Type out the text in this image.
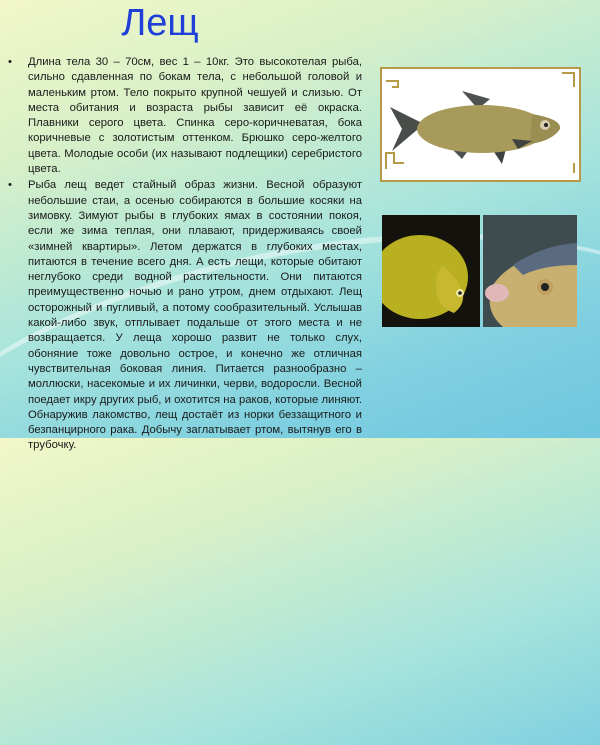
Лещ
•	Длина тела 30 – 70см, вес 1 – 10кг. Это высокотелая рыба, сильно сдавленная по бокам тела, с небольшой головой и маленьким ртом. Тело покрыто крупной чешуей и слизью. От места обитания и возраста рыбы зависит её окраска. Плавники серого цвета. Спинка серо-коричневатая, бока коричневые с золотистым оттенком. Брюшко серо-желтого цвета. Молодые особи (их называют подлещики) серебристого цвета.
•	Рыба лещ ведет стайный образ жизни. Весной образуют небольшие стаи, а осенью собираются в большие косяки на зимовку. Зимуют рыбы в глубоких ямах в состоянии покоя, если же зима теплая, они плавают, придерживаясь своей «зимней квартиры». Летом держатся в глубоких местах, питаются в течение всего дня. А есть лещи, которые обитают неглубоко среди водной растительности. Они питаются преимущественно ночью и рано утром, днем отдыхают. Лещ осторожный и пугливый, а потому сообразительный. Услышав какой-либо звук, отплывает подальше от этого места и не возвращается. У леща хорошо развит не только слух, обоняние тоже довольно острое, и конечно же отличная чувствительная боковая линия. Питается разнообразно – моллюски, насекомые и их личинки, черви, водоросли. Весной поедает икру других рыб, и охотится на раков, которые линяют. Обнаружив лакомство, лещ достаёт из норки беззащитного и безпанцирного рака. Добычу заглатывает ртом, вытянув его в трубочку.
